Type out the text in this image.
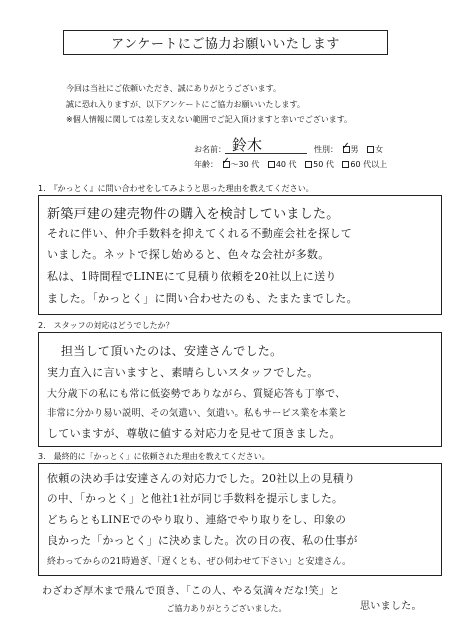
アンケートにご協力お願いいたします
今回は当社にご依頼いただき、誠にありがとうございます。
誠に恐れ入りますが、以下アンケートにご協力お願いいたします。
※個人情報に関しては差し支えない範囲でご記入頂けますと幸いでございます。
お名前： 鈴木	性別： ✓ 男 女
年齢： ✓ ～30 代 40 代 50 代 60 代以上
1.　『かっとく』に問い合わせをしてみようと思った理由を教えてください。
新築戸建の建売物件の購入を検討していました。
それに伴い、仲介手数料を抑えてくれる不動産会社を探して
いました。ネットで探し始めると、色々な会社が多数。
私は、1時間程でLINEにて見積り依頼を20社以上に送り
ました。「かっとく」に問い合わせたのも、たまたまでした。
2.　スタッフの対応はどうでしたか？
担当して頂いたのは、安達さんでした。
実力直入に言いますと、素晴らしいスタッフでした。
大分歳下の私にも常に低姿勢でありながら、質疑応答も丁寧で、
非常に分かり易い説明、その気遣い、気遣い。私もサービス業を本業と
していますが、尊敬に値する対応力を見せて頂きました。
3.　最終的に「かっとく」に依頼された理由を教えてください。
依頼の決め手は安達さんの対応力でした。20社以上の見積り
の中、「かっとく」と他社1社が同じ手数料を提示しました。
どちらともLINEでのやり取り、連絡でやり取りをし、印象の
良かった「かっとく」に決めました。次の日の夜、私の仕事が
終わってからの21時過ぎ、「遅くとも、ぜひ伺わせて下さい」と安達さん。
わざわざ厚木まで飛んで頂き、「この人、やる気満々だな!笑」と
思いました。
ご協力ありがとうございました。
